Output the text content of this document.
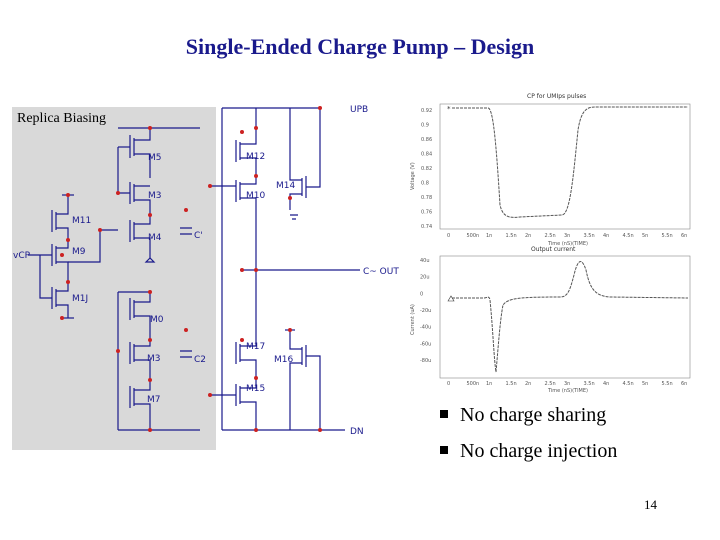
Single-Ended Charge Pump – Design
Replica Biasing
UPB
C~ OUT
DN
vCP
C'
C2
M5
M3
M11
M4
M9
M1J
M12
M10
M14
M0
M3
M7
M17
M16
M15
CP for UMIps pulses
Time (nS)(TIME)
Voltage (V)
*
0.92
0.9
0.86
0.84
0.82
0.8
0.78
0.76
0.74
0	500n 1n	1.5n 2n	2.5n 3n	3.5n 4n	4.5n 5n	5.5n 6n
Output current
Time (nS)(TIME)
Current (uA)
40u
20u
0
-20u
-40u
-60u
-80u
0	500n 1n	1.5n 2n	2.5n 3n	3.5n 4n	4.5n 5n	5.5n 6n
No charge sharing
No charge injection
14
